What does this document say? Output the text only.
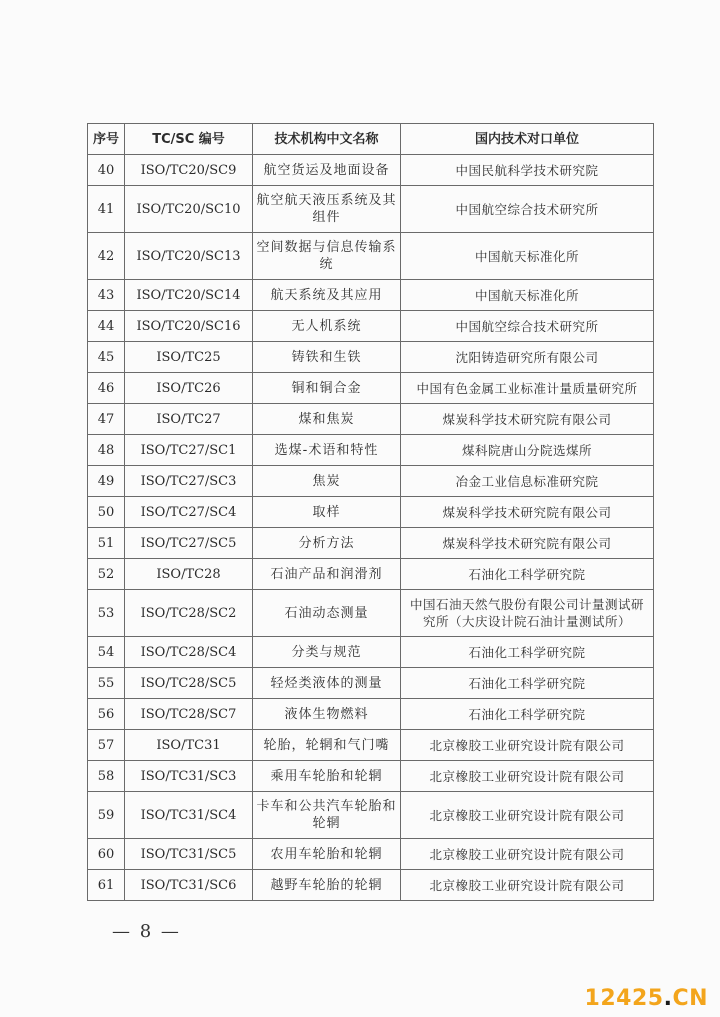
序号	TC/SC 编号	技术机构中文名称	国内技术对口单位
40	ISO/TC20/SC9	航空货运及地面设备	中国民航科学技术研究院
41	ISO/TC20/SC10	航空航天液压系统及其组件	中国航空综合技术研究所
42	ISO/TC20/SC13	空间数据与信息传输系统	中国航天标准化所
43	ISO/TC20/SC14	航天系统及其应用	中国航天标准化所
44	ISO/TC20/SC16	无人机系统	中国航空综合技术研究所
45	ISO/TC25	铸铁和生铁	沈阳铸造研究所有限公司
46	ISO/TC26	铜和铜合金	中国有色金属工业标准计量质量研究所
47	ISO/TC27	煤和焦炭	煤炭科学技术研究院有限公司
48	ISO/TC27/SC1	选煤-术语和特性	煤科院唐山分院选煤所
49	ISO/TC27/SC3	焦炭	冶金工业信息标准研究院
50	ISO/TC27/SC4	取样	煤炭科学技术研究院有限公司
51	ISO/TC27/SC5	分析方法	煤炭科学技术研究院有限公司
52	ISO/TC28	石油产品和润滑剂	石油化工科学研究院
53	ISO/TC28/SC2	石油动态测量	中国石油天然气股份有限公司计量测试研究所（大庆设计院石油计量测试所）
54	ISO/TC28/SC4	分类与规范	石油化工科学研究院
55	ISO/TC28/SC5	轻烃类液体的测量	石油化工科学研究院
56	ISO/TC28/SC7	液体生物燃料	石油化工科学研究院
57	ISO/TC31	轮胎，轮辋和气门嘴	北京橡胶工业研究设计院有限公司
58	ISO/TC31/SC3	乘用车轮胎和轮辋	北京橡胶工业研究设计院有限公司
59	ISO/TC31/SC4	卡车和公共汽车轮胎和轮辋	北京橡胶工业研究设计院有限公司
60	ISO/TC31/SC5	农用车轮胎和轮辋	北京橡胶工业研究设计院有限公司
61	ISO/TC31/SC6	越野车轮胎的轮辋	北京橡胶工业研究设计院有限公司
— 8 —
12425.CN
